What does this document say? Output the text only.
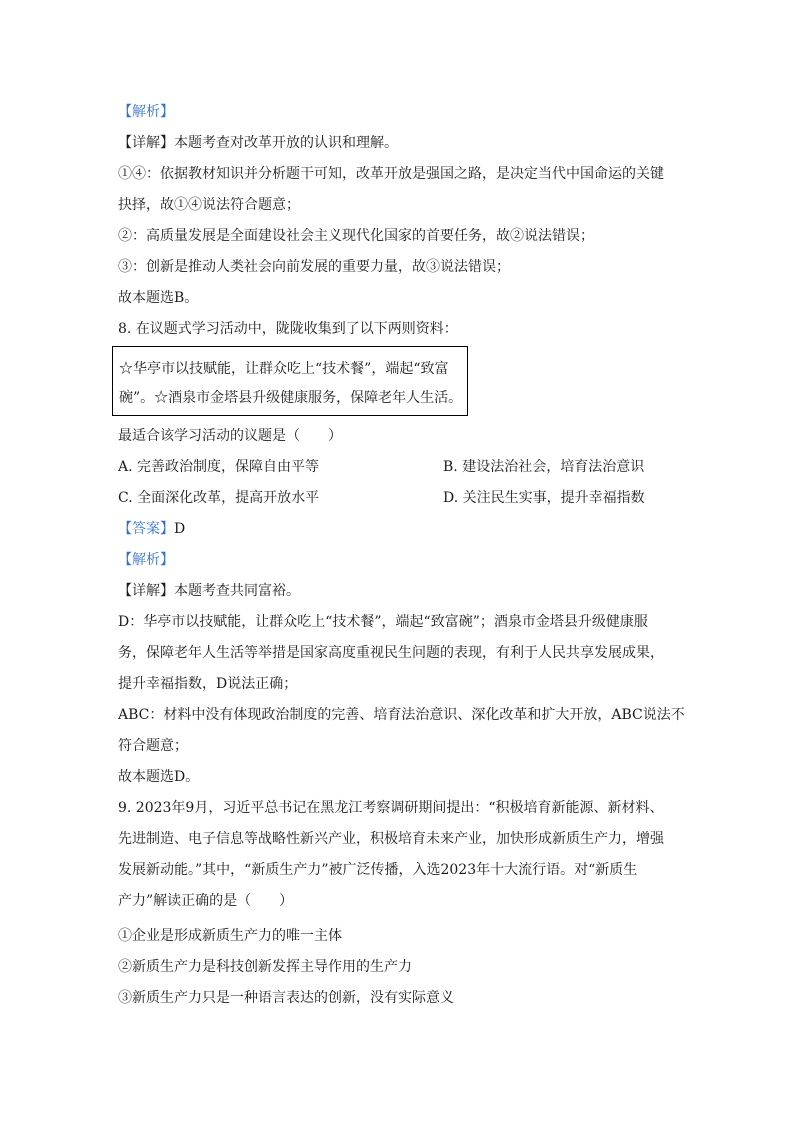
【解析】
【详解】本题考查对改革开放的认识和理解。
①④：依据教材知识并分析题干可知，改革开放是强国之路，是决定当代中国命运的关键
抉择，故①④说法符合题意；
②：高质量发展是全面建设社会主义现代化国家的首要任务，故②说法错误；
③：创新是推动人类社会向前发展的重要力量，故③说法错误；
故本题选B。
8. 在议题式学习活动中，陇陇收集到了以下两则资料：
☆华亭市以技赋能，让群众吃上“技术餐”，端起“致富
碗”。☆酒泉市金塔县升级健康服务，保障老年人生活。
最适合该学习活动的议题是（　　）
A. 完善政治制度，保障自由平等	B. 建设法治社会，培育法治意识
C. 全面深化改革，提高开放水平	D. 关注民生实事，提升幸福指数
【答案】D
【解析】
【详解】本题考查共同富裕。
D：华亭市以技赋能，让群众吃上“技术餐”，端起“致富碗”；酒泉市金塔县升级健康服
务，保障老年人生活等举措是国家高度重视民生问题的表现，有利于人民共享发展成果，
提升幸福指数，D说法正确；
ABC：材料中没有体现政治制度的完善、培育法治意识、深化改革和扩大开放，ABC说法不
符合题意；
故本题选D。
9. 2023年9月，习近平总书记在黑龙江考察调研期间提出：“积极培育新能源、新材料、
先进制造、电子信息等战略性新兴产业，积极培育未来产业，加快形成新质生产力，增强
发展新动能。”其中，“新质生产力”被广泛传播，入选2023年十大流行语。对“新质生
产力”解读正确的是（　　）
①企业是形成新质生产力的唯一主体
②新质生产力是科技创新发挥主导作用的生产力
③新质生产力只是一种语言表达的创新，没有实际意义
